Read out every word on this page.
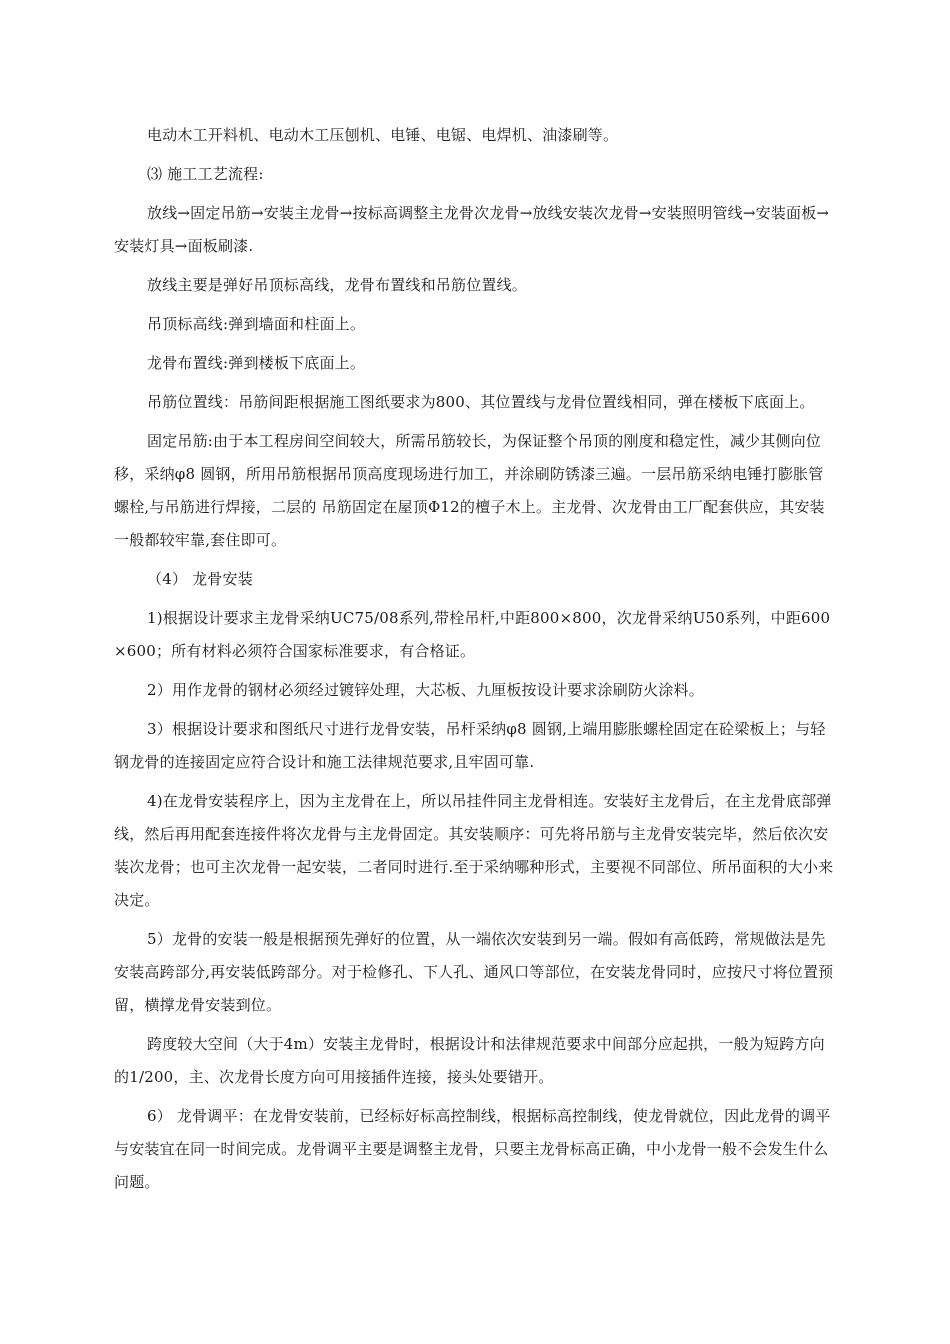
电动木工开料机、电动木工压刨机、电锤、电锯、电焊机、油漆刷等。

⑶ 施工工艺流程:

放线→固定吊筋→安装主龙骨→按标高调整主龙骨次龙骨→放线安装次龙骨→安装照明管线→安装面板→安装灯具→面板刷漆.

放线主要是弹好吊顶标高线，龙骨布置线和吊筋位置线。

吊顶标高线:弹到墙面和柱面上。

龙骨布置线:弹到楼板下底面上。

吊筋位置线：吊筋间距根据施工图纸要求为800、其位置线与龙骨位置线相同，弹在楼板下底面上。

固定吊筋:由于本工程房间空间较大，所需吊筋较长，为保证整个吊顶的刚度和稳定性，减少其侧向位移，采纳φ8 圆钢，所用吊筋根据吊顶高度现场进行加工，并涂刷防锈漆三遍。一层吊筋采纳电锤打膨胀管螺栓,与吊筋进行焊接，二层的 吊筋固定在屋顶Φ12的檀子木上。主龙骨、次龙骨由工厂配套供应，其安装一般都较牢靠,套住即可。

（4） 龙骨安装

1)根据设计要求主龙骨采纳UC75/08系列,带栓吊杆,中距800×800，次龙骨采纳U50系列，中距600×600；所有材料必须符合国家标准要求，有合格证。

2）用作龙骨的钢材必须经过镀锌处理，大芯板、九厘板按设计要求涂刷防火涂料。

3）根据设计要求和图纸尺寸进行龙骨安装，吊杆采纳φ8 圆钢,上端用膨胀螺栓固定在砼梁板上；与轻钢龙骨的连接固定应符合设计和施工法律规范要求,且牢固可靠.

4)在龙骨安装程序上，因为主龙骨在上，所以吊挂件同主龙骨相连。安装好主龙骨后，在主龙骨底部弹线，然后再用配套连接件将次龙骨与主龙骨固定。其安装顺序：可先将吊筋与主龙骨安装完毕，然后依次安装次龙骨；也可主次龙骨一起安装，二者同时进行.至于采纳哪种形式，主要视不同部位、所吊面积的大小来决定。

5）龙骨的安装一般是根据预先弹好的位置，从一端依次安装到另一端。假如有高低跨，常规做法是先安装高跨部分,再安装低跨部分。对于检修孔、下人孔、通风口等部位，在安装龙骨同时，应按尺寸将位置预留，横撑龙骨安装到位。

跨度较大空间（大于4m）安装主龙骨时，根据设计和法律规范要求中间部分应起拱，一般为短跨方向的1/200，主、次龙骨长度方向可用接插件连接，接头处要错开。

6） 龙骨调平：在龙骨安装前，已经标好标高控制线，根据标高控制线，使龙骨就位，因此龙骨的调平与安装宜在同一时间完成。龙骨调平主要是调整主龙骨，只要主龙骨标高正确，中小龙骨一般不会发生什么问题。
